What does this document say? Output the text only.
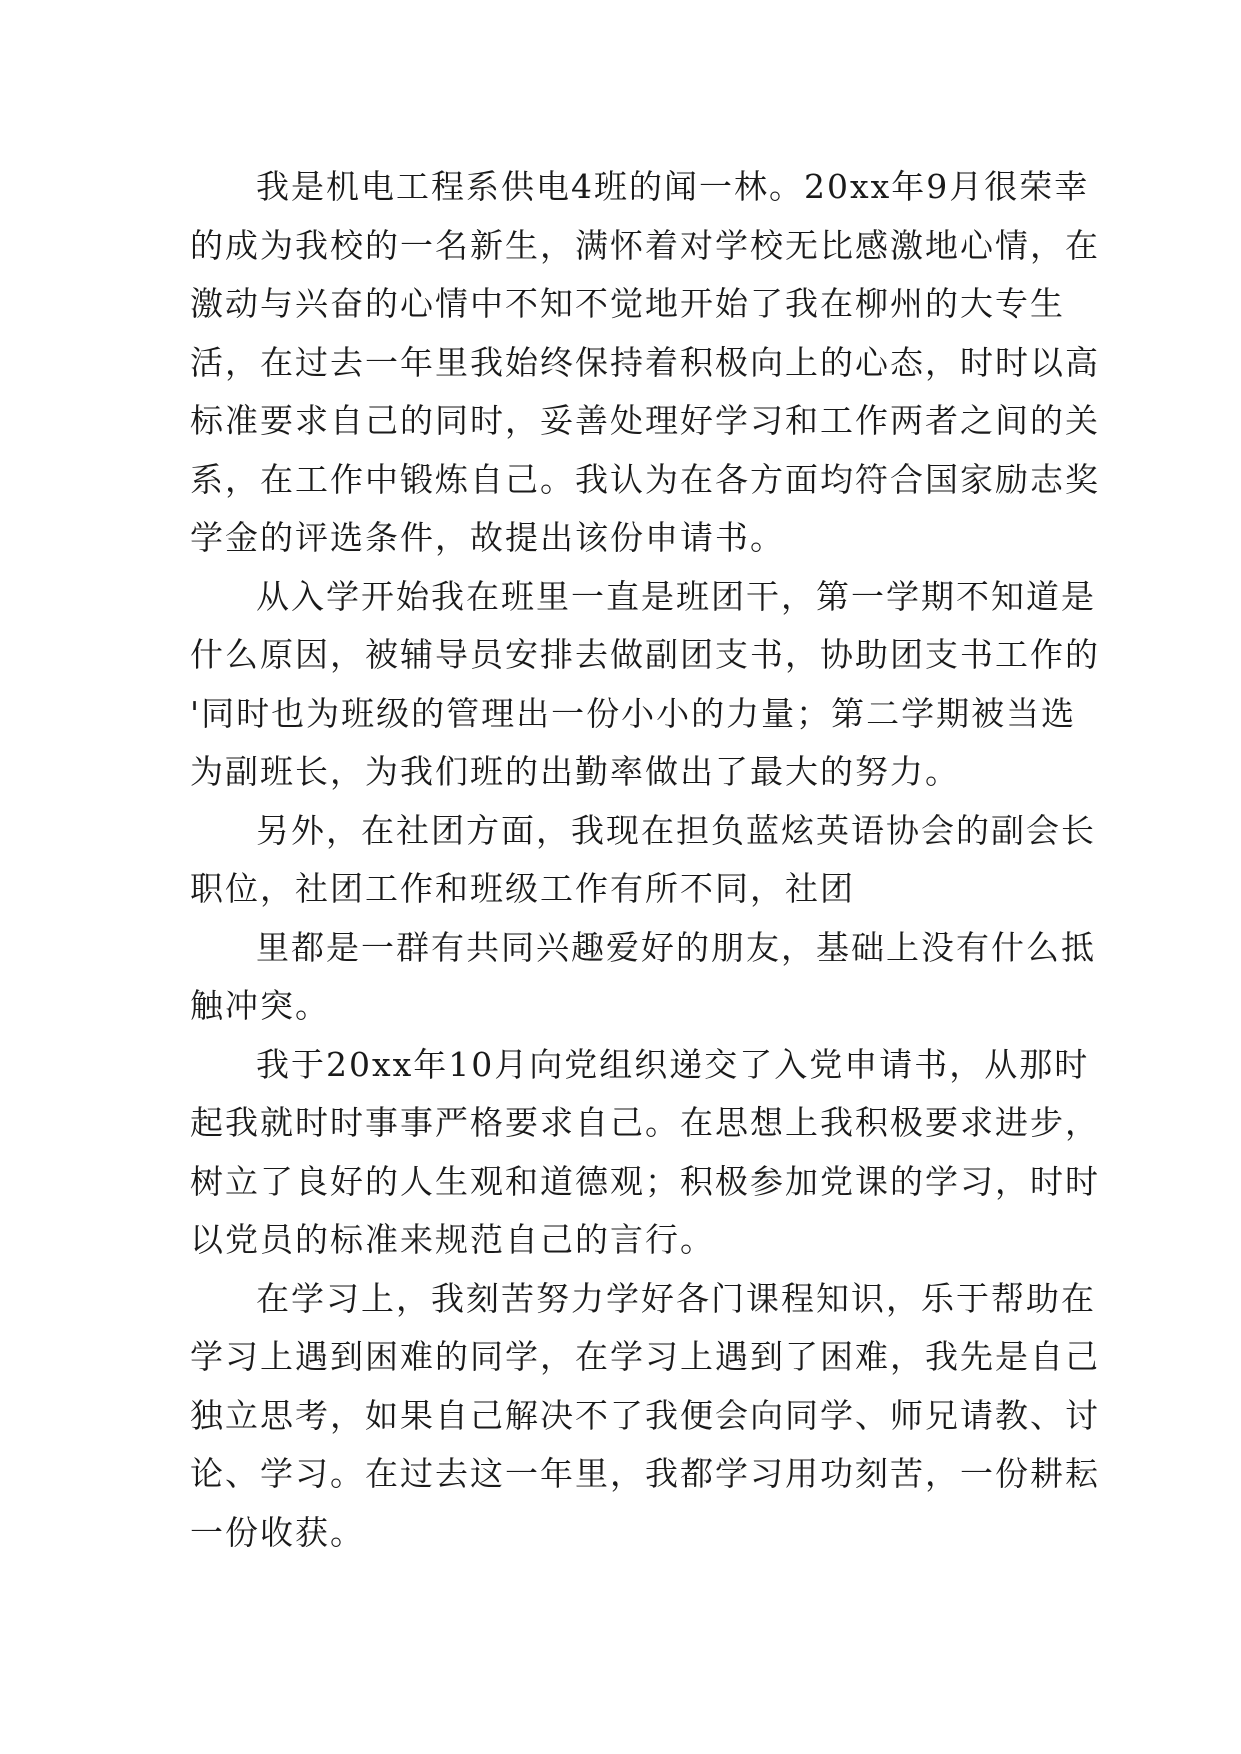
我是机电工程系供电4班的闻一林。20xx年9月很荣幸
的成为我校的一名新生，满怀着对学校无比感激地心情，在
激动与兴奋的心情中不知不觉地开始了我在柳州的大专生
活，在过去一年里我始终保持着积极向上的心态，时时以高
标准要求自己的同时，妥善处理好学习和工作两者之间的关
系，在工作中锻炼自己。我认为在各方面均符合国家励志奖
学金的评选条件，故提出该份申请书。
从入学开始我在班里一直是班团干，第一学期不知道是
什么原因，被辅导员安排去做副团支书，协助团支书工作的
'同时也为班级的管理出一份小小的力量；第二学期被当选
为副班长，为我们班的出勤率做出了最大的努力。
另外，在社团方面，我现在担负蓝炫英语协会的副会长
职位，社团工作和班级工作有所不同，社团
里都是一群有共同兴趣爱好的朋友，基础上没有什么抵
触冲突。
我于20xx年10月向党组织递交了入党申请书，从那时
起我就时时事事严格要求自己。在思想上我积极要求进步，
树立了良好的人生观和道德观；积极参加党课的学习，时时
以党员的标准来规范自己的言行。
在学习上，我刻苦努力学好各门课程知识，乐于帮助在
学习上遇到困难的同学，在学习上遇到了困难，我先是自己
独立思考，如果自己解决不了我便会向同学、师兄请教、讨
论、学习。在过去这一年里，我都学习用功刻苦，一份耕耘
一份收获。
